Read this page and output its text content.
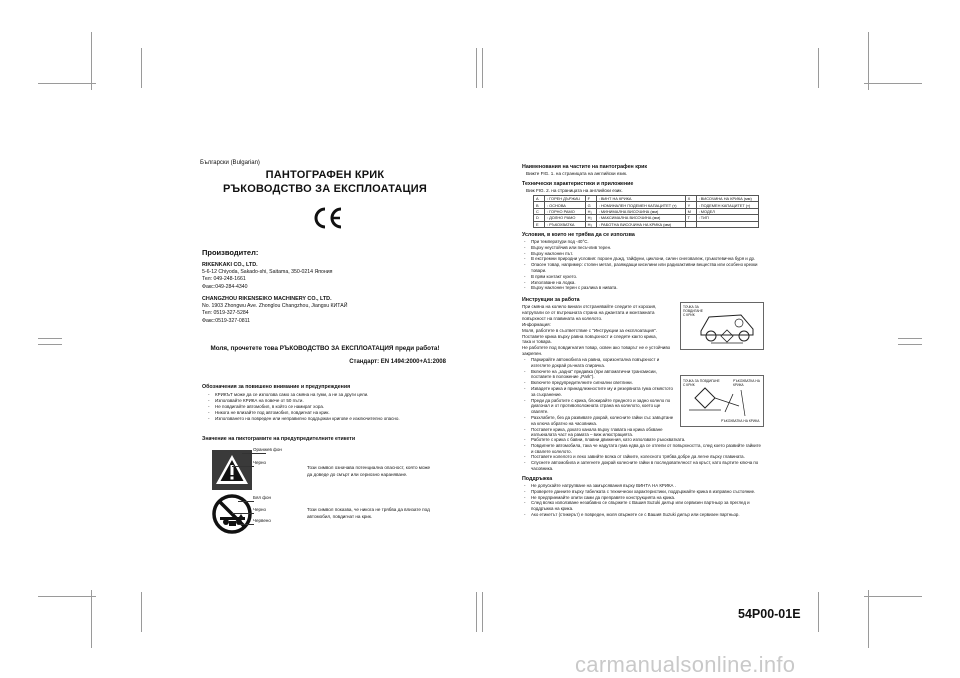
Български (Bulgarian)
ПАНТОГРАФЕН КРИК
РЪКОВОДСТВО ЗА ЕКСПЛОАТАЦИЯ
Производител:
RIKENKAKI CO., LTD.
5-6-12 Chiyoda, Sakado-shi, Saitama, 350-0214 Япония
Тел: 049-248-1661
Факс:049-284-4340
CHANGZHOU RIKENSEIKO MACHINERY CO., LTD.
No. 1903 Zhongwu Ave. Zhonglou Changzhou, Jiangsu КИТАЙ
Тел: 0519-327-5284
Факс:0519-327-0811
Моля, прочетете това РЪКОВОДСТВО ЗА ЕКСПЛОАТАЦИЯ преди работа!
Стандарт: EN 1494:2000+A1:2008
Обозначения за повишено внимание и предупреждения
- КРИКЪТ може да се използва само за смяна на гуми, а не за други цели.
- Използвайте КРИКА на повече от 50 пъти.
- Не повдигайте автомобил, в който се намират хора.
- Никога не влизайте под автомобил, повдигнат на крик.
- Използването на повреден или неправилно поддържан кригове е изключително опасно.
Значение на пиктограмите на предупредителните етикети
Оранжев фон
Черно
Този символ означава потенциална опасност, която може
да доведе до смърт или сериозно нараняване.
Бял фон
Черно
Червено
Този символ показва, че никога не трябва да влизате под
автомобил, повдигнат на крик.
Наименования на частите на пантографен крик
Вижте FIG. 1. на страницата на английски език.
Технически характеристики и приложение
Виж FIG. 2. на страницата на английски език.
A	: ГОРЕН ДЪРЖАЧ	F	: ВИНТ НА КРИКА	X	: ВИСОЧИНА НА КРИКА (мм)
B	: ОСНОВА	G	: НОМИНАЛЕН ПОДЕМЕН КАПАЦИТЕТ (т)	Y	: ПОДЕМЕН КАПАЦИТЕТ (т)
C	: ГОРНО РАМО	H₁	: МИНИМАЛНА ВИСОЧИНА (мм)	M	: МОДЕЛ
D	: ДОЛНО РАМО	H₂	: МАКСИМАЛНА ВИСОЧИНА (мм)	T	: ТИП
E	: РЪКОХВАТКА	H₃	: РАБОТНА ВИСОЧИНА НА КРИКА (мм)		
Условия, в които не трябва да се използва
- При температури под -40°C.
- Върху неустойчив или песъчлив терен.
- Върху наклонен път.
- В екстремни природни условия: пороен дъжд, тайфуни, циклони, силен снеговалеж, гръмотевична буря и др.
- Опасен товар, например: стопен метал, разяждащи киселини или радиоактивни вещества или особено крехки товари.
- В прям контакт кухето.
- Използване на лодка.
- Върху наклонен терен с разлика в нивата.
Инструкции за работа
При смяна на колело винаги отстранявайте следите от корозия,
натрупали се от вътрешната страна на джантата и монтажната
повърхност на главината на колелото.
Информация:
Моля, работете в съответствие с "Инструкции за експлоатация".
Поставете крика върху равна повърхност и следете както крика,
така и товара.
Не работете под повдигнатия товар, освен ако товарът не е устойчиво
закрепен.
- Паркирайте автомобила на равна, хоризонтална повърхност и изтеглете докрай ръчната спирачка.
- Включете на „задна" предавка (при автоматични трансмисии, поставете в положение „Park").
- Включете предупредителните сигнални светлини.
- Извадете крика и принадлежностите му и резервната гума отмястото за съхранение.
- Преди да работите с крика, блокирайте предното и задно колело по диагонал и от противоположната страна на колелото, което ще сваляте.
- Разхлабете, без да развивате докрай, колесните гайки със завъртане на ключа обратно на часовника.
- Поставете крика, докато канала върху главата на крика обхване изпъкналата част на рамата – виж илюстрацията.
- Работете с крика с бавни, плавни движения, като използвате ръкохватката.
- Повдигнете автомобила, така че надутата гума едва да се отлепи от повърхността, след което развийте гайките и свалете колелото.
- Поставете колелото и леко завийте всяка от гайките, колесното трябва добре да легне върху главината.
- Спуснете автомобила и затегнете докрай колесните гайки в последователност на кръст, като въртите ключа по часовника.
ТОЧКА ЗА
ПОВДИГАНЕ
С КРИК
ТОЧКА ЗА ПОВДИГАНЕ
С КРИК
РЪКОХВАТКА НА
КРИКА
РЪКОХВАТКА НА КРИКА
Поддръжка
- Не допускайте натрупване на замърсявания върху ВИНТА НА КРИКА .
- Проверете данните върху табелката с технически характеристики, поддържайте крика в изправно състояние.
- Не предприемайте опити сами да преправяте конструкцията на крика.
- След всяко използване незабавно се свържете с Вашия Suzuki дилър или сервизен партньор за преглед и поддръжка на крика.
- Ако етикетът (стикерът) е повреден, моля свържете се с Вашия Suzuki дилър или сервизен партньор.
54P00-01E
carmanualsonline.info
